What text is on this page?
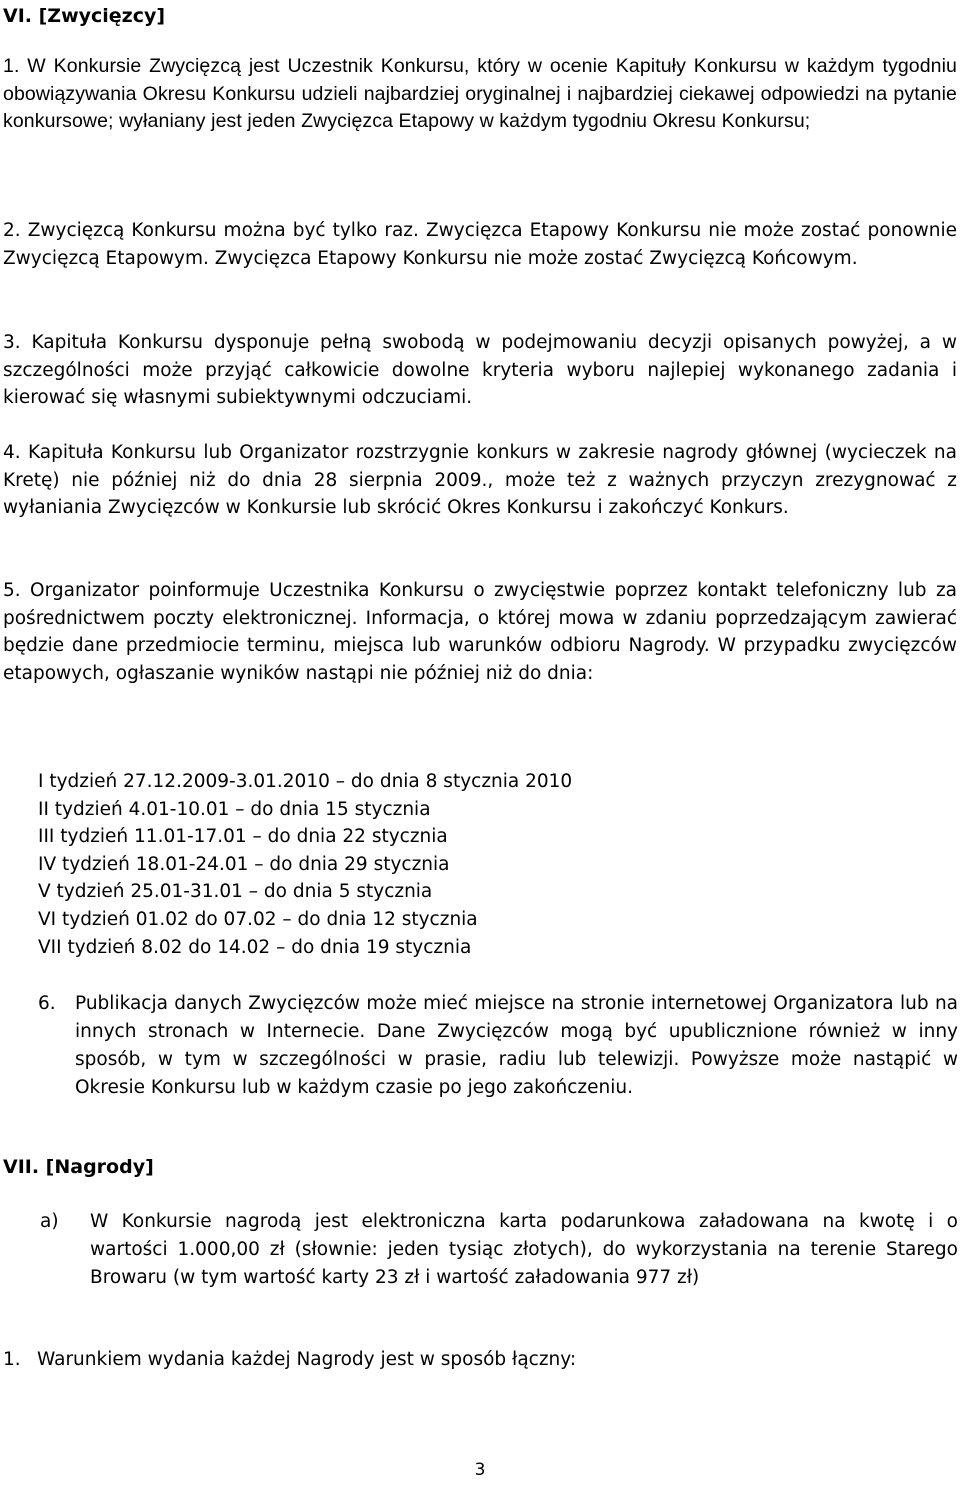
VI. [Zwycięzcy]

1. W Konkursie Zwycięzcą jest Uczestnik Konkursu, który w ocenie Kapituły Konkursu w każdym tygodniu obowiązywania Okresu Konkursu udzieli najbardziej oryginalnej i najbardziej ciekawej odpowiedzi na pytanie konkursowe; wyłaniany jest jeden Zwycięzca Etapowy w każdym tygodniu Okresu Konkursu;

2. Zwycięzcą Konkursu można być tylko raz. Zwycięzca Etapowy Konkursu nie może zostać ponownie Zwycięzcą Etapowym. Zwycięzca Etapowy Konkursu nie może zostać Zwycięzcą Końcowym.

3. Kapituła Konkursu dysponuje pełną swobodą w podejmowaniu decyzji opisanych powyżej, a w szczególności może przyjąć całkowicie dowolne kryteria wyboru najlepiej wykonanego zadania i kierować się własnymi subiektywnymi odczuciami.

4. Kapituła Konkursu lub Organizator rozstrzygnie konkurs w zakresie nagrody głównej (wycieczek na Kretę) nie później niż do dnia 28 sierpnia 2009., może też z ważnych przyczyn zrezygnować z wyłaniania Zwycięzców w Konkursie lub skrócić Okres Konkursu i zakończyć Konkurs.

5. Organizator poinformuje Uczestnika Konkursu o zwycięstwie poprzez kontakt telefoniczny lub za pośrednictwem poczty elektronicznej. Informacja, o której mowa w zdaniu poprzedzającym zawierać będzie dane przedmiocie terminu, miejsca lub warunków odbioru Nagrody. W przypadku zwycięzców etapowych, ogłaszanie wyników nastąpi nie później niż do dnia:

I tydzień 27.12.2009-3.01.2010 – do dnia 8 stycznia 2010
II tydzień 4.01-10.01 – do dnia 15 stycznia
III tydzień 11.01-17.01 – do dnia 22 stycznia
IV tydzień 18.01-24.01 – do dnia 29 stycznia
V tydzień 25.01-31.01 – do dnia 5 stycznia
VI tydzień 01.02 do 07.02 – do dnia 12 stycznia
VII tydzień 8.02 do 14.02 – do dnia 19 stycznia
6.	Publikacja danych Zwycięzców może mieć miejsce na stronie internetowej Organizatora lub na innych stronach w Internecie. Dane Zwycięzców mogą być upublicznione również w inny sposób, w tym w szczególności w prasie, radiu lub telewizji. Powyższe może nastąpić w Okresie Konkursu lub w każdym czasie po jego zakończeniu.
VII. [Nagrody]
a)	W Konkursie nagrodą jest elektroniczna karta podarunkowa załadowana na kwotę i o wartości 1.000,00 zł (słownie: jeden tysiąc złotych), do wykorzystania na terenie Starego Browaru (w tym wartość karty 23 zł i wartość załadowania 977 zł)
1. Warunkiem wydania każdej Nagrody jest w sposób łączny:
3
